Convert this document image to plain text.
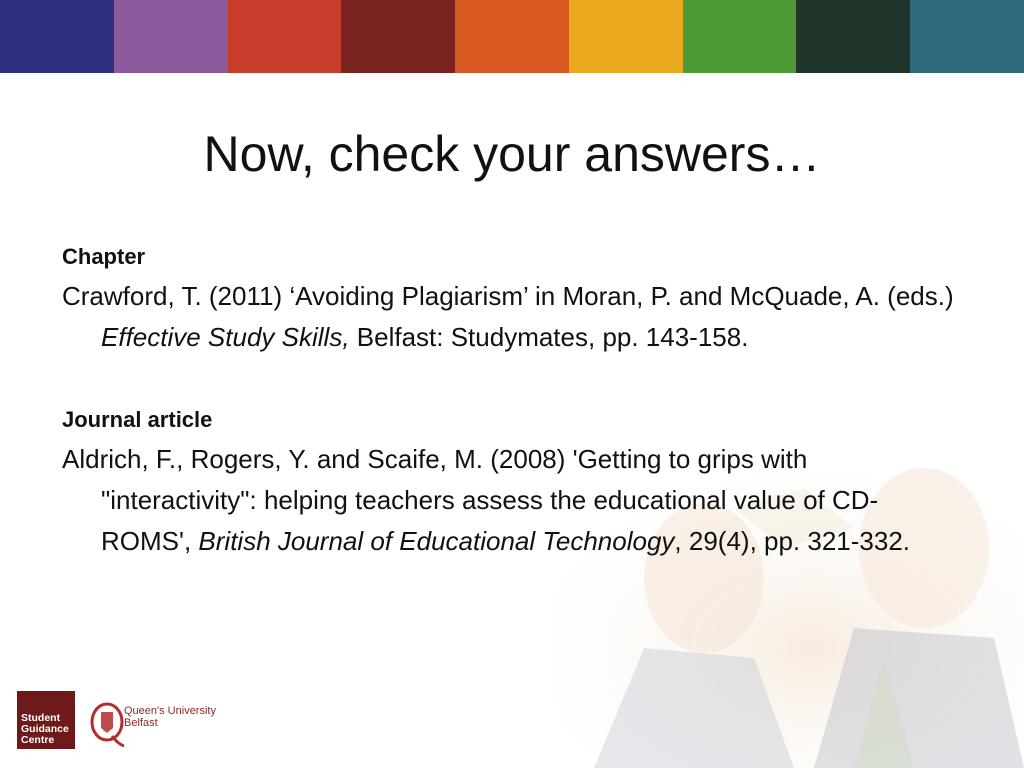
Now, check your answers…

Chapter

Crawford, T. (2011) ‘Avoiding Plagiarism’ in Moran, P. and McQuade, A. (eds.) Effective Study Skills, Belfast: Studymates, pp. 143-158.

Journal article

Aldrich, F., Rogers, Y. and Scaife, M. (2008) 'Getting to grips with "interactivity": helping teachers assess the educational value of CD-ROMS', British Journal of Educational Technology, 29(4), pp. 321-332.

Student
Guidance
Centre
Queen's University
Belfast
